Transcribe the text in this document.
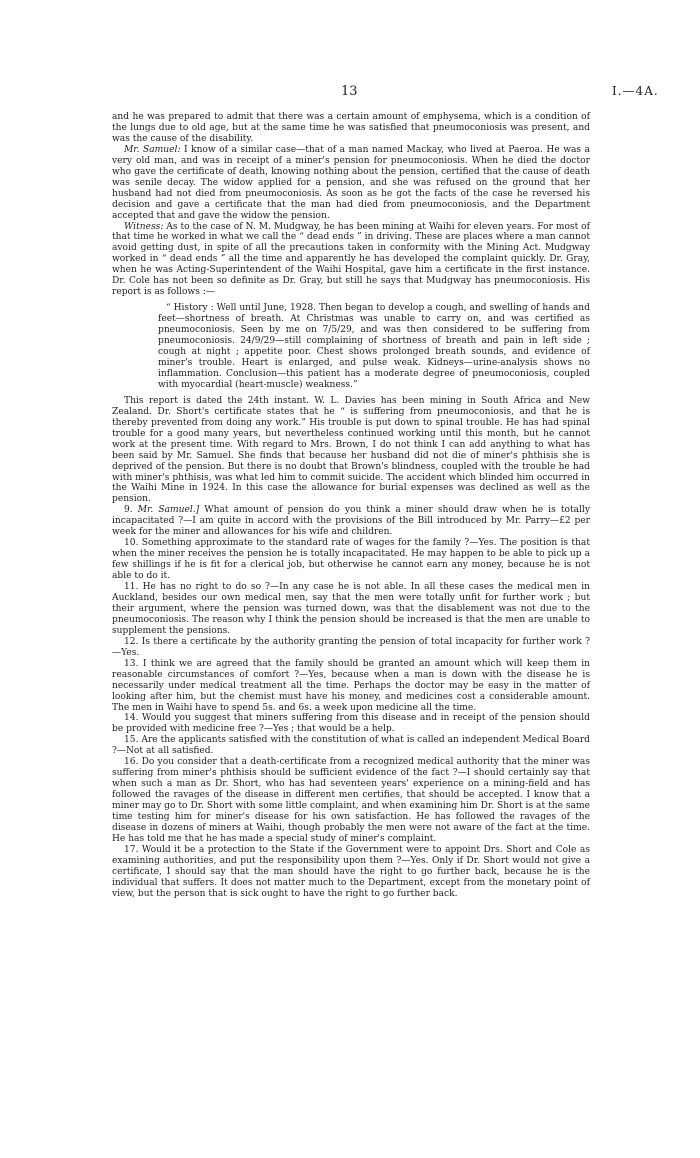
13	I.—4A.

and he was prepared to admit that there was a certain amount of emphysema, which is a condition of the lungs due to old age, but at the same time he was satisfied that pneumoconiosis was present, and was the cause of the disability.

Mr. Samuel: I know of a similar case—that of a man named Mackay, who lived at Paeroa. He was a very old man, and was in receipt of a miner's pension for pneumoconiosis. When he died the doctor who gave the certificate of death, knowing nothing about the pension, certified that the cause of death was senile decay. The widow applied for a pension, and she was refused on the ground that her husband had not died from pneumoconiosis. As soon as he got the facts of the case he reversed his decision and gave a certificate that the man had died from pneumoconiosis, and the Department accepted that and gave the widow the pension.

Witness: As to the case of N. M. Mudgway, he has been mining at Waihi for eleven years. For most of that time he worked in what we call the “ dead ends ” in driving. These are places where a man cannot avoid getting dust, in spite of all the precautions taken in conformity with the Mining Act. Mudgway worked in “ dead ends ” all the time and apparently he has developed the complaint quickly. Dr. Gray, when he was Acting-Superintendent of the Waihi Hospital, gave him a certificate in the first instance. Dr. Cole has not been so definite as Dr. Gray, but still he says that Mudgway has pneumoconiosis. His report is as follows :—

“ History : Well until June, 1928. Then began to develop a cough, and swelling of hands and feet—shortness of breath. At Christmas was unable to carry on, and was certified as pneumoconiosis. Seen by me on 7/5/29, and was then considered to be suffering from pneumoconiosis. 24/9/29—still complaining of shortness of breath and pain in left side ; cough at night ; appetite poor. Chest shows prolonged breath sounds, and evidence of miner's trouble. Heart is enlarged, and pulse weak. Kidneys—urine-analysis shows no inflammation. Conclusion—this patient has a moderate degree of pneumoconiosis, coupled with myocardial (heart-muscle) weakness.”

This report is dated the 24th instant. W. L. Davies has been mining in South Africa and New Zealand. Dr. Short's certificate states that he “ is suffering from pneumoconiosis, and that he is thereby prevented from doing any work.” His trouble is put down to spinal trouble. He has had spinal trouble for a good many years, but nevertheless continued working until this month, but he cannot work at the present time. With regard to Mrs. Brown, I do not think I can add anything to what has been said by Mr. Samuel. She finds that because her husband did not die of miner's phthisis she is deprived of the pension. But there is no doubt that Brown's blindness, coupled with the trouble he had with miner's phthisis, was what led him to commit suicide. The accident which blinded him occurred in the Waihi Mine in 1924. In this case the allowance for burial expenses was declined as well as the pension.

9. Mr. Samuel.] What amount of pension do you think a miner should draw when he is totally incapacitated ?—I am quite in accord with the provisions of the Bill introduced by Mr. Parry—£2 per week for the miner and allowances for his wife and children.

10. Something approximate to the standard rate of wages for the family ?—Yes. The position is that when the miner receives the pension he is totally incapacitated. He may happen to be able to pick up a few shillings if he is fit for a clerical job, but otherwise he cannot earn any money, because he is not able to do it.

11. He has no right to do so ?—In any case he is not able. In all these cases the medical men in Auckland, besides our own medical men, say that the men were totally unfit for further work ; but their argument, where the pension was turned down, was that the disablement was not due to the pneumoconiosis. The reason why I think the pension should be increased is that the men are unable to supplement the pensions.

12. Is there a certificate by the authority granting the pension of total incapacity for further work ?—Yes.

13. I think we are agreed that the family should be granted an amount which will keep them in reasonable circumstances of comfort ?—Yes, because when a man is down with the disease he is necessarily under medical treatment all the time. Perhaps the doctor may be easy in the matter of looking after him, but the chemist must have his money, and medicines cost a considerable amount. The men in Waihi have to spend 5s. and 6s. a week upon medicine all the time.

14. Would you suggest that miners suffering from this disease and in receipt of the pension should be provided with medicine free ?—Yes ; that would be a help.

15. Are the applicants satisfied with the constitution of what is called an independent Medical Board ?—Not at all satisfied.

16. Do you consider that a death-certificate from a recognized medical authority that the miner was suffering from miner's phthisis should be sufficient evidence of the fact ?—I should certainly say that when such a man as Dr. Short, who has had seventeen years' experience on a mining-field and has followed the ravages of the disease in different men certifies, that should be accepted. I know that a miner may go to Dr. Short with some little complaint, and when examining him Dr. Short is at the same time testing him for miner's disease for his own satisfaction. He has followed the ravages of the disease in dozens of miners at Waihi, though probably the men were not aware of the fact at the time. He has told me that he has made a special study of miner's complaint.

17. Would it be a protection to the State if the Government were to appoint Drs. Short and Cole as examining authorities, and put the responsibility upon them ?—Yes. Only if Dr. Short would not give a certificate, I should say that the man should have the right to go further back, because he is the individual that suffers. It does not matter much to the Department, except from the monetary point of view, but the person that is sick ought to have the right to go further back.
